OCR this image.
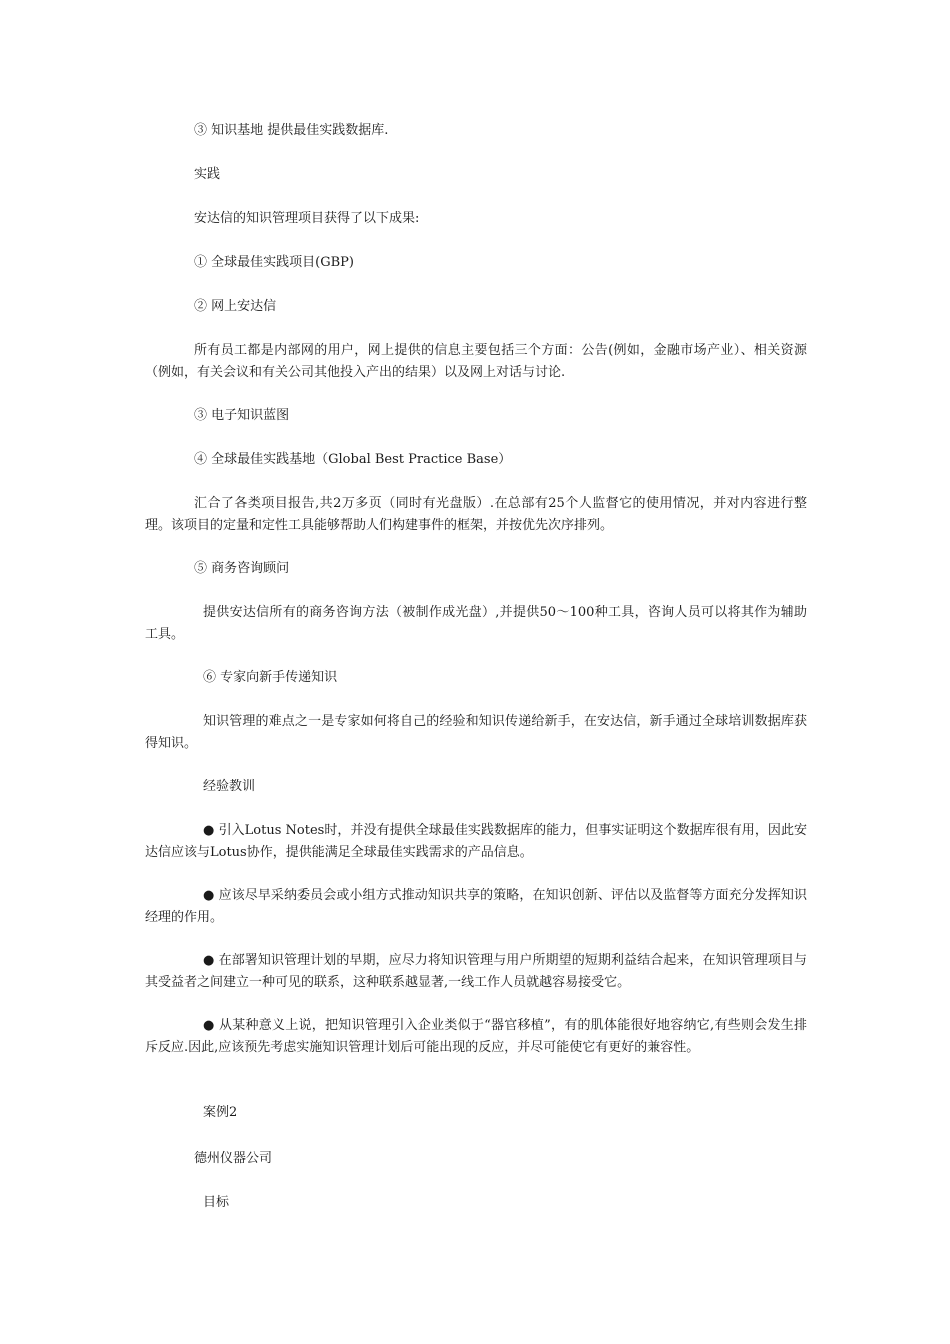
③ 知识基地 提供最佳实践数据库.

实践

安达信的知识管理项目获得了以下成果:

① 全球最佳实践项目(GBP)

② 网上安达信

所有员工都是内部网的用户，网上提供的信息主要包括三个方面：公告(例如，金融市场产业）、相关资源（例如，有关会议和有关公司其他投入产出的结果）以及网上对话与讨论.

③ 电子知识蓝图

④ 全球最佳实践基地（Global Best Practice Base）

汇合了各类项目报告,共2万多页（同时有光盘版）.在总部有25个人监督它的使用情况，并对内容进行整理。该项目的定量和定性工具能够帮助人们构建事件的框架，并按优先次序排列。

⑤ 商务咨询顾问

提供安达信所有的商务咨询方法（被制作成光盘）,并提供50～100种工具，咨询人员可以将其作为辅助工具。

⑥ 专家向新手传递知识

知识管理的难点之一是专家如何将自己的经验和知识传递给新手，在安达信，新手通过全球培训数据库获得知识。

经验教训

● 引入Lotus Notes时，并没有提供全球最佳实践数据库的能力，但事实证明这个数据库很有用，因此安达信应该与Lotus协作，提供能满足全球最佳实践需求的产品信息。

● 应该尽早采纳委员会或小组方式推动知识共享的策略，在知识创新、评估以及监督等方面充分发挥知识经理的作用。

● 在部署知识管理计划的早期，应尽力将知识管理与用户所期望的短期利益结合起来，在知识管理项目与其受益者之间建立一种可见的联系，这种联系越显著,一线工作人员就越容易接受它。

● 从某种意义上说，把知识管理引入企业类似于“器官移植”，有的肌体能很好地容纳它,有些则会发生排斥反应.因此,应该预先考虑实施知识管理计划后可能出现的反应，并尽可能使它有更好的兼容性。

案例2

德州仪器公司

目标
